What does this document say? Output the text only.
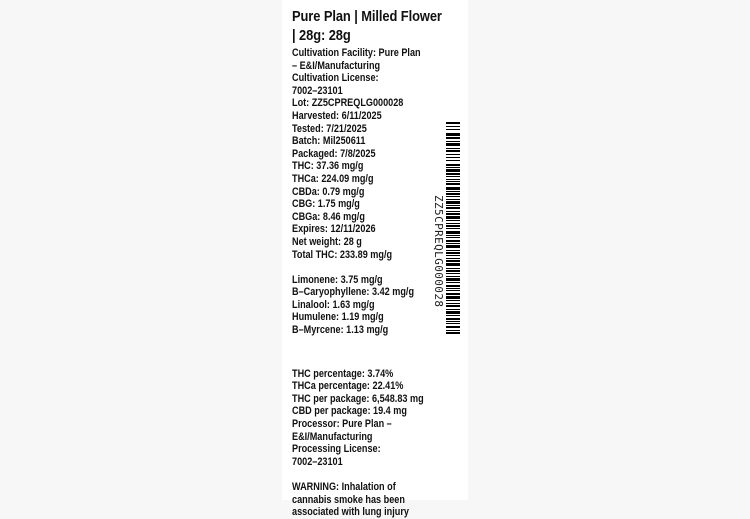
Pure Plan | Milled Flower | 28g: 28g
Cultivation Facility: Pure Plan
– E&I/Manufacturing
Cultivation License:
7002–23101
Lot: ZZ5CPREQLG000028
Harvested: 6/11/2025
Tested: 7/21/2025
Batch: Mil250611
Packaged: 7/8/2025
THC: 37.36 mg/g
THCa: 224.09 mg/g
CBDa: 0.79 mg/g
CBG: 1.75 mg/g
CBGa: 8.46 mg/g
Expires: 12/11/2026
Net weight: 28 g
Total THC: 233.89 mg/g
Limonene: 3.75 mg/g
B–Caryophyllene: 3.42 mg/g
Linalool: 1.63 mg/g
Humulene: 1.19 mg/g
B–Myrcene: 1.13 mg/g
THC percentage: 3.74%
THCa percentage: 22.41%
THC per package: 6,548.83 mg
CBD per package: 19.4 mg
Processor: Pure Plan –
E&I/Manufacturing
Processing License:
7002–23101
WARNING: Inhalation of
cannabis smoke has been
associated with lung injury
ZZ5CPREQLG000028
